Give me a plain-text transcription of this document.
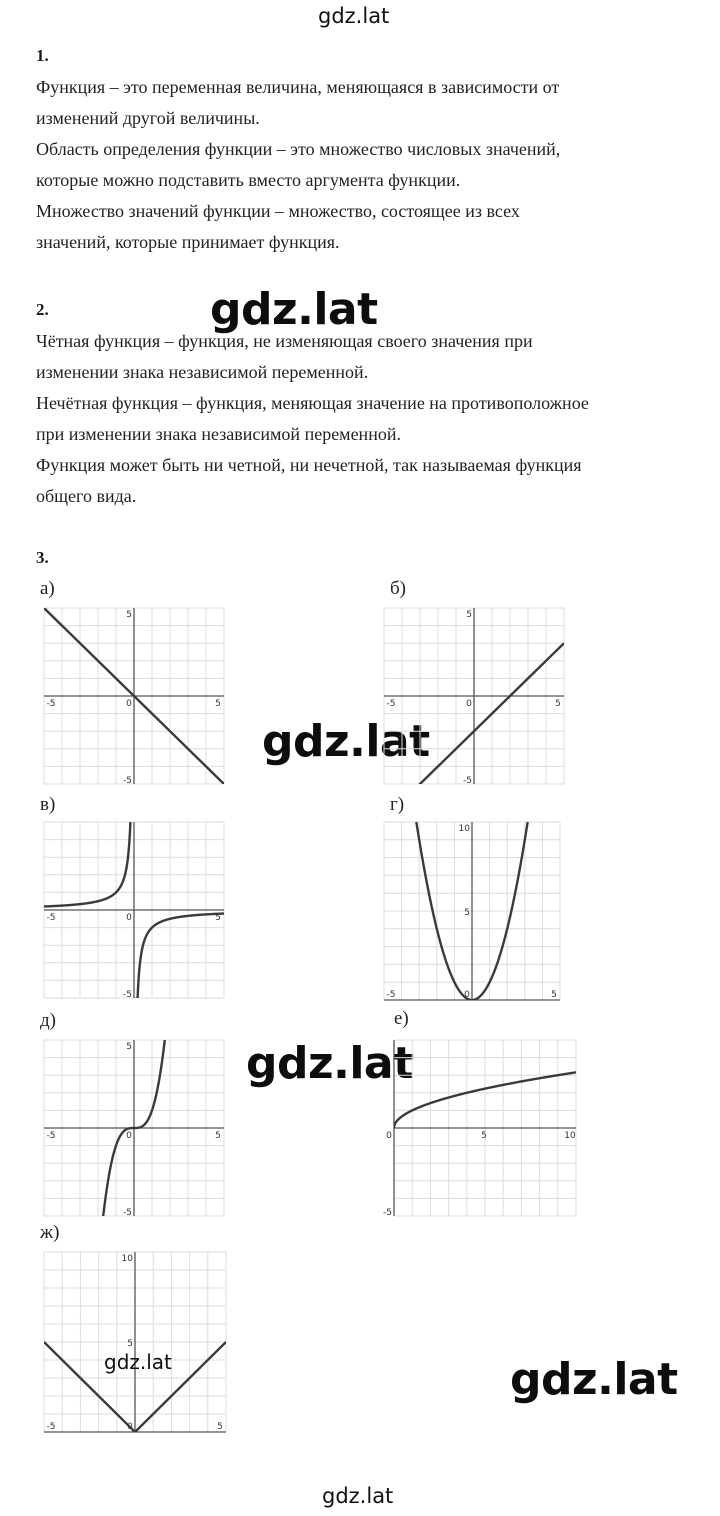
gdz.lat
gdz.lat
gdz.lat
gdz.lat
gdz.lat
gdz.lat
1.
Функция – это переменная величина, меняющаяся в зависимости от
изменений другой величины.
Область определения функции – это множество числовых значений,
которые можно подставить вместо аргумента функции.
Множество значений функции – множество, состоящее из всех
значений, которые принимает функция.
2.
Чётная функция – функция, не изменяющая своего значения при
изменении знака независимой переменной.
Нечётная функция – функция, меняющая значение на противоположное
при изменении знака независимой переменной.
Функция может быть ни четной, ни нечетной, так называемая функция
общего вида.
3.
а)	б)
в)	г)
д)	е)
ж)
0
-5	5
5
-5
0
-5	5
5
-5
0
-5	5
-5	0
-5	5
10
5
0
-5	5
5
-5
0	10
5
-5
0
-5	5
10
5
gdz.lat
